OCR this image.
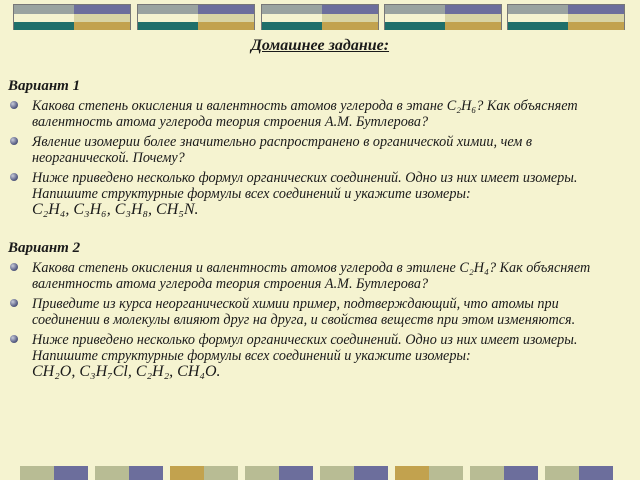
Домашнее задание:
Вариант 1
Какова степень окисления и валентность атомов углерода в этане C₂H₆? Как объясняет валентность атома углерода теория строения А.М. Бутлерова?
Явление изомерии более значительно распространено в органической химии, чем в неорганической. Почему?
Ниже приведено несколько формул органических соединений. Одно из них имеет изомеры. Напишите структурные формулы всех соединений и укажите изомеры:
C₂H₄, C₃H₆, C₃H₈, CH₅N.
Вариант 2
Какова степень окисления и валентность атомов углерода в этилене C₂H₄? Как объясняет валентность атома углерода теория строения А.М. Бутлерова?
Приведите из курса неорганической химии пример, подтверждающий, что атомы при соединении в молекулы влияют друг на друга, и свойства веществ при этом изменяются.
Ниже приведено несколько формул органических соединений. Одно из них имеет изомеры. Напишите структурные формулы всех соединений и укажите изомеры:
CH₂O, C₃H₇Cl, C₂H₂, CH₄O.
